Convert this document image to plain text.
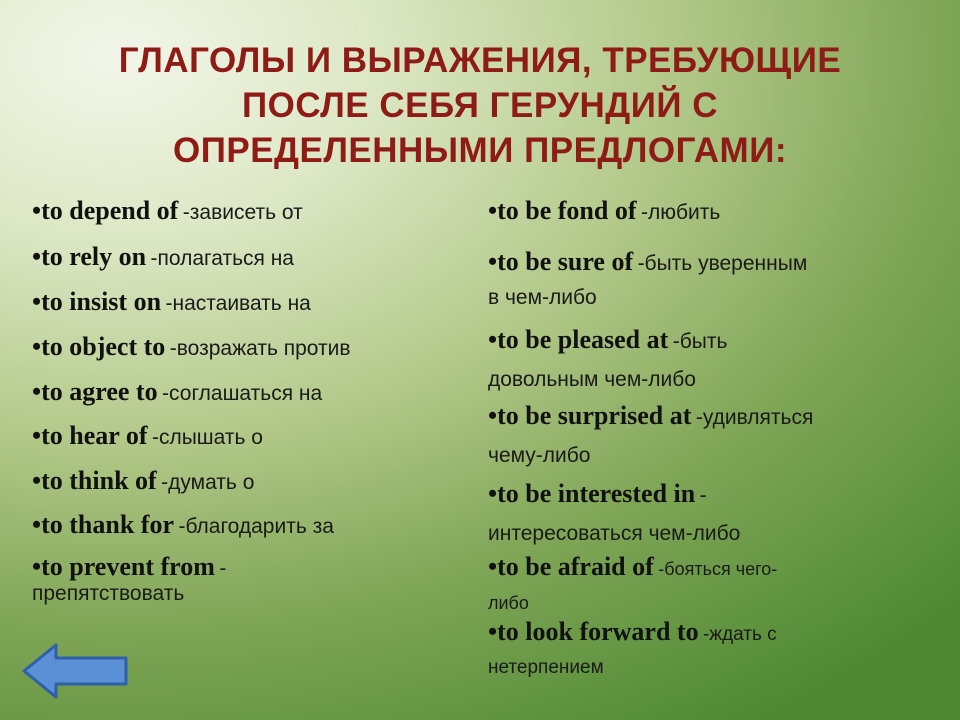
ГЛАГОЛЫ И ВЫРАЖЕНИЯ, ТРЕБУЮЩИЕ
ПОСЛЕ СЕБЯ ГЕРУНДИЙ С
ОПРЕДЕЛЕННЫМИ ПРЕДЛОГАМИ:
•to depend of -зависеть от
•to rely on -полагаться на
•to insist on -настаивать на
•to object to -возражать против
•to agree to -соглашаться на
•to hear of -слышать о
•to think of -думать о
•to thank for -благодарить за
•to prevent from -
препятствовать
•to be fond of -любить
•to be sure of -быть уверенным
в чем-либо
•to be pleased at -быть
довольным чем-либо
•to be surprised at -удивляться
чему-либо
•to be interested in -
интересоваться чем-либо
•to be afraid of -бояться чего-
либо
•to look forward to -ждать с
нетерпением
